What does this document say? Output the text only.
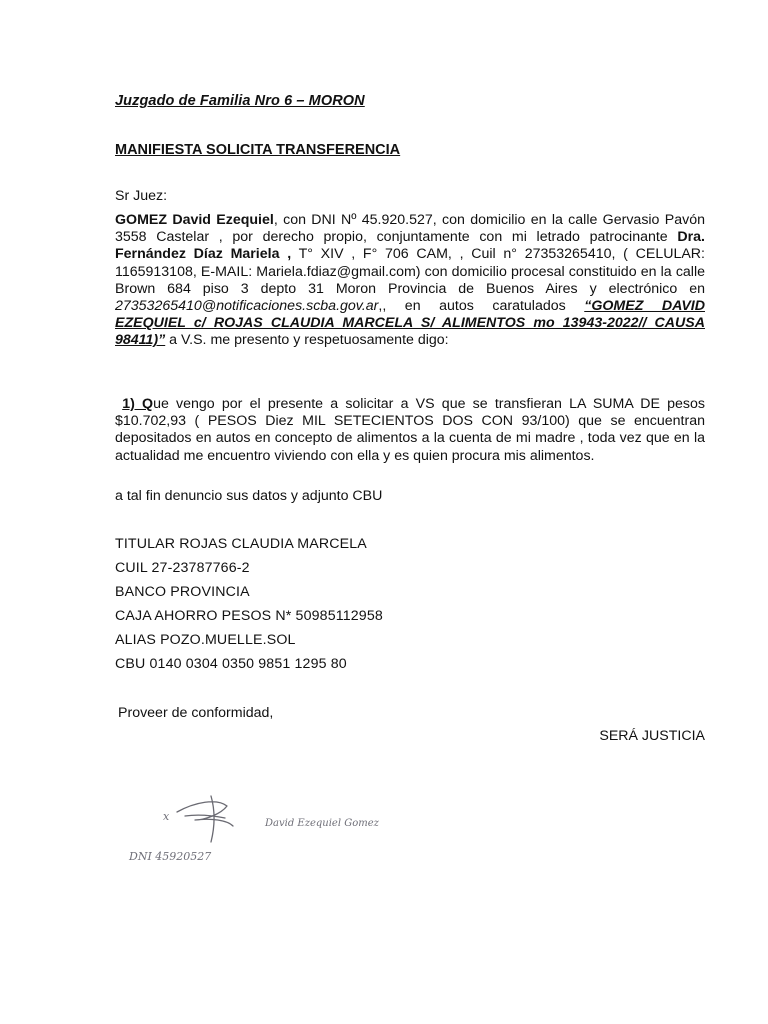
Juzgado de Familia Nro 6 – MORON
MANIFIESTA SOLICITA TRANSFERENCIA
Sr Juez:
GOMEZ David Ezequiel, con DNI Nº 45.920.527, con domicilio en la calle Gervasio Pavón 3558 Castelar , por derecho propio, conjuntamente con mi letrado patrocinante Dra. Fernández Díaz Mariela , T° XIV , F° 706 CAM, , Cuil n° 27353265410, ( CELULAR: 1165913108, E-MAIL: Mariela.fdiaz@gmail.com) con domicilio procesal constituido en la calle Brown 684 piso 3 depto 31 Moron Provincia de Buenos Aires y electrónico en 27353265410@notificaciones.scba.gov.ar,, en autos caratulados “GOMEZ DAVID EZEQUIEL c/ ROJAS CLAUDIA MARCELA S/ ALIMENTOS mo 13943-2022// CAUSA 98411)” a V.S. me presento y respetuosamente digo:
1) Que vengo por el presente a solicitar a VS que se transfieran LA SUMA DE pesos $10.702,93 ( PESOS Diez MIL SETECIENTOS DOS CON 93/100) que se encuentran depositados en autos en concepto de alimentos a la cuenta de mi madre , toda vez que en la actualidad me encuentro viviendo con ella y es quien procura mis alimentos.
a tal fin denuncio sus datos y adjunto CBU
TITULAR ROJAS CLAUDIA MARCELA
CUIL 27-23787766-2
BANCO PROVINCIA
CAJA AHORRO PESOS N* 50985112958
ALIAS POZO.MUELLE.SOL
CBU 0140 0304 0350 9851 1295 80
Proveer de conformidad,
SERÁ JUSTICIA
x
David Ezequiel Gomez
DNI 45920527
